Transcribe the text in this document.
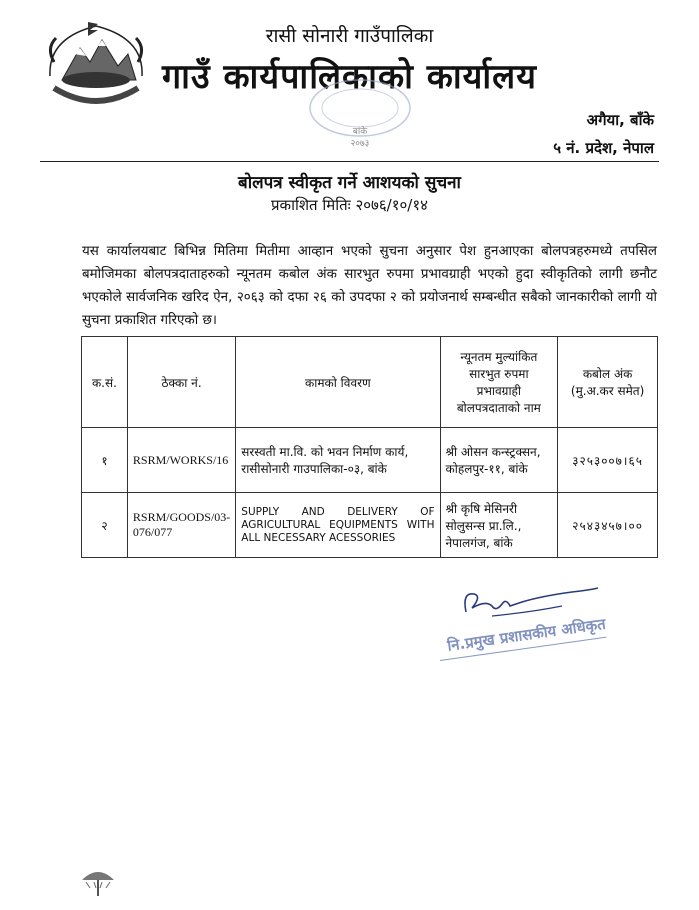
रासी सोनारी गाउँपालिका
गाउँ कार्यपालिकाको कार्यालय
बांके
२०७३
अगैया, बाँके
५ नं. प्रदेश, नेपाल
बोलपत्र स्वीकृत गर्ने आशयको सुचना
प्रकाशित मितिः २०७६/१०/१४
यस कार्यालयबाट बिभिन्न मितिमा मितीमा आव्हान भएको सुचना अनुसार पेश हुनआएका बोलपत्रहरुमध्ये तपसिल बमोजिमका बोलपत्रदाताहरुको न्यूनतम कबोल अंक सारभुत रुपमा प्रभावग्राही भएको हुदा स्वीकृतिको लागी छनौट भएकोले सार्वजनिक खरिद ऐन, २०६३ को दफा २६ को उपदफा २ को प्रयोजनार्थ सम्बन्धीत सबैको जानकारीको लागी यो सुचना प्रकाशित गरिएको छ।
क.सं.	ठेक्का नं.	कामको विवरण	न्यूनतम मुल्यांकित सारभुत रुपमा प्रभावग्राही बोलपत्रदाताको नाम	कबोल अंक (मु.अ.कर समेत)
१	RSRM/WORKS/16	सरस्वती मा.वि. को भवन निर्माण कार्य, रासीसोनारी गाउपालिका-०३, बांके	श्री ओसन कन्स्ट्रक्सन, कोहलपुर-११, बांके	३२५३००७।६५
२	RSRM/GOODS/03-076/077	SUPPLY AND DELIVERY OF AGRICULTURAL EQUIPMENTS WITH ALL NECESSARY ACESSORIES	श्री कृषि मेसिनरी सोलुसन्स प्रा.लि., नेपालगंज, बांके	२५४३४५७।००
नि.प्रमुख प्रशासकीय अधिकृत
